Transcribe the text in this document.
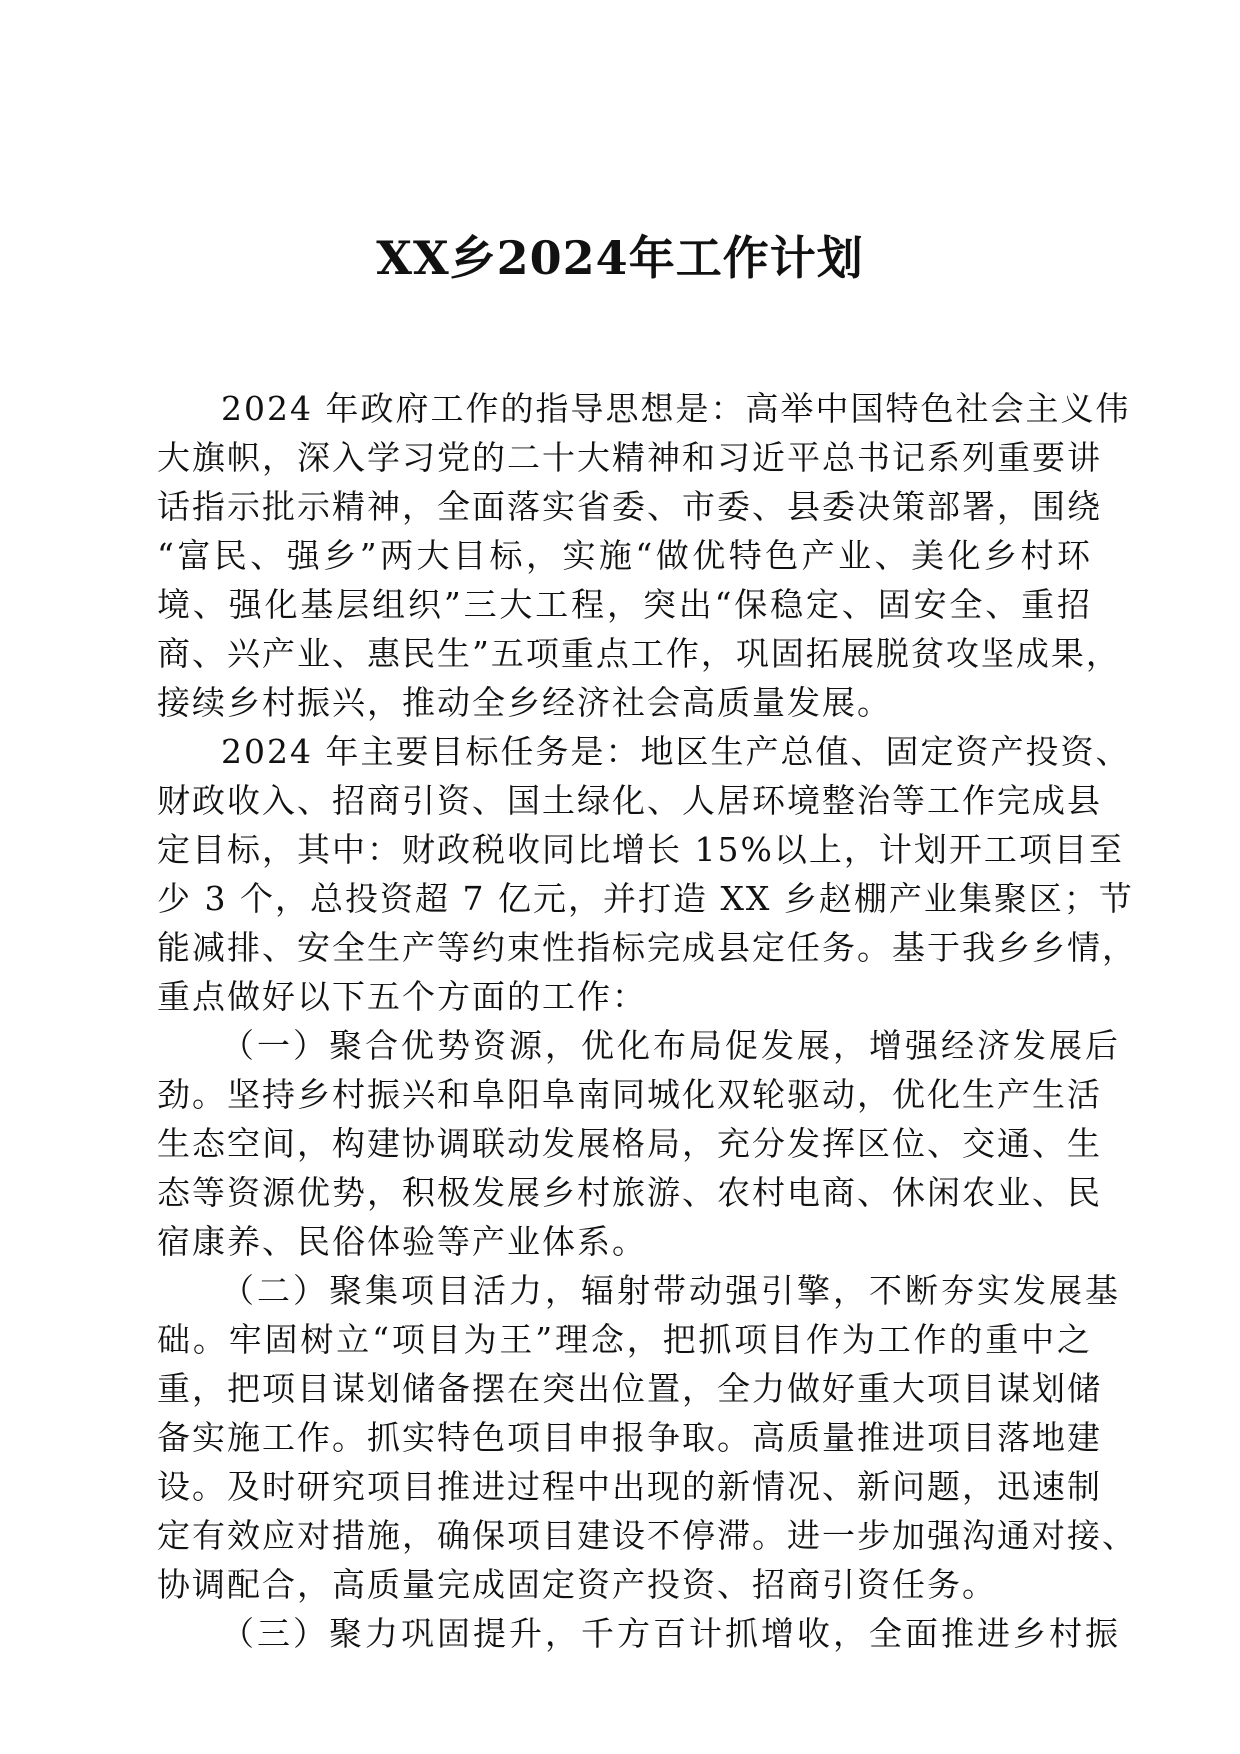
XX乡2024年工作计划
2024 年政府工作的指导思想是：高举中国特色社会主义伟
大旗帜，深入学习党的二十大精神和习近平总书记系列重要讲
话指示批示精神，全面落实省委、市委、县委决策部署，围绕
“富民、强乡”两大目标，实施“做优特色产业、美化乡村环
境、强化基层组织”三大工程，突出“保稳定、固安全、重招
商、兴产业、惠民生”五项重点工作，巩固拓展脱贫攻坚成果，
接续乡村振兴，推动全乡经济社会高质量发展。
2024 年主要目标任务是：地区生产总值、固定资产投资、
财政收入、招商引资、国土绿化、人居环境整治等工作完成县
定目标，其中：财政税收同比增长 15%以上，计划开工项目至
少 3 个，总投资超 7 亿元，并打造 XX 乡赵棚产业集聚区；节
能减排、安全生产等约束性指标完成县定任务。基于我乡乡情，
重点做好以下五个方面的工作：
（一）聚合优势资源，优化布局促发展，增强经济发展后
劲。坚持乡村振兴和阜阳阜南同城化双轮驱动，优化生产生活
生态空间，构建协调联动发展格局，充分发挥区位、交通、生
态等资源优势，积极发展乡村旅游、农村电商、休闲农业、民
宿康养、民俗体验等产业体系。
（二）聚集项目活力，辐射带动强引擎，不断夯实发展基
础。牢固树立“项目为王”理念，把抓项目作为工作的重中之
重，把项目谋划储备摆在突出位置，全力做好重大项目谋划储
备实施工作。抓实特色项目申报争取。高质量推进项目落地建
设。及时研究项目推进过程中出现的新情况、新问题，迅速制
定有效应对措施，确保项目建设不停滞。进一步加强沟通对接、
协调配合，高质量完成固定资产投资、招商引资任务。
（三）聚力巩固提升，千方百计抓增收，全面推进乡村振
